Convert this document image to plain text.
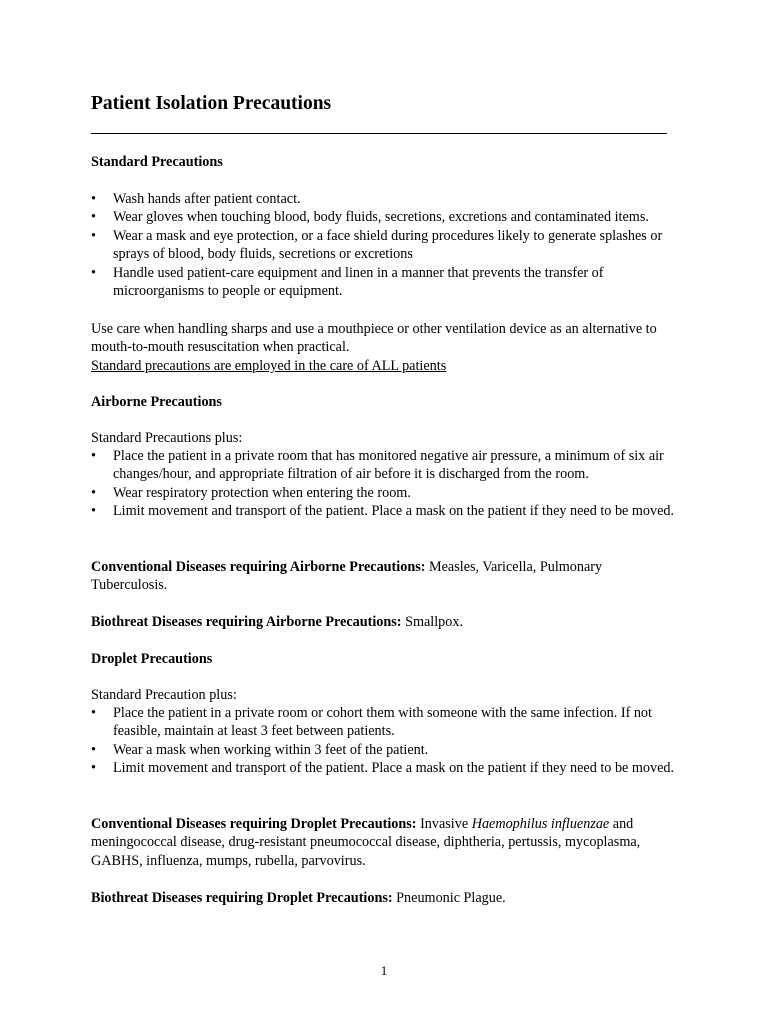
Patient Isolation Precautions
Standard Precautions
• Wash hands after patient contact.
• Wear gloves when touching blood, body fluids, secretions, excretions and contaminated items.
• Wear a mask and eye protection, or a face shield during procedures likely to generate splashes or sprays of blood, body fluids, secretions or excretions
• Handle used patient-care equipment and linen in a manner that prevents the transfer of microorganisms to people or equipment.
Use care when handling sharps and use a mouthpiece or other ventilation device as an alternative to mouth-to-mouth resuscitation when practical.
Standard precautions are employed in the care of ALL patients
Airborne Precautions
Standard Precautions plus:
• Place the patient in a private room that has monitored negative air pressure, a minimum of six air changes/hour, and appropriate filtration of air before it is discharged from the room.
• Wear respiratory protection when entering the room.
• Limit movement and transport of the patient. Place a mask on the patient if they need to be moved.
Conventional Diseases requiring Airborne Precautions: Measles, Varicella, Pulmonary Tuberculosis.
Biothreat Diseases requiring Airborne Precautions: Smallpox.
Droplet Precautions
Standard Precaution plus:
• Place the patient in a private room or cohort them with someone with the same infection. If not feasible, maintain at least 3 feet between patients.
• Wear a mask when working within 3 feet of the patient.
• Limit movement and transport of the patient. Place a mask on the patient if they need to be moved.
Conventional Diseases requiring Droplet Precautions: Invasive Haemophilus influenzae and meningococcal disease, drug-resistant pneumococcal disease, diphtheria, pertussis, mycoplasma, GABHS, influenza, mumps, rubella, parvovirus.
Biothreat Diseases requiring Droplet Precautions: Pneumonic Plague.
1
